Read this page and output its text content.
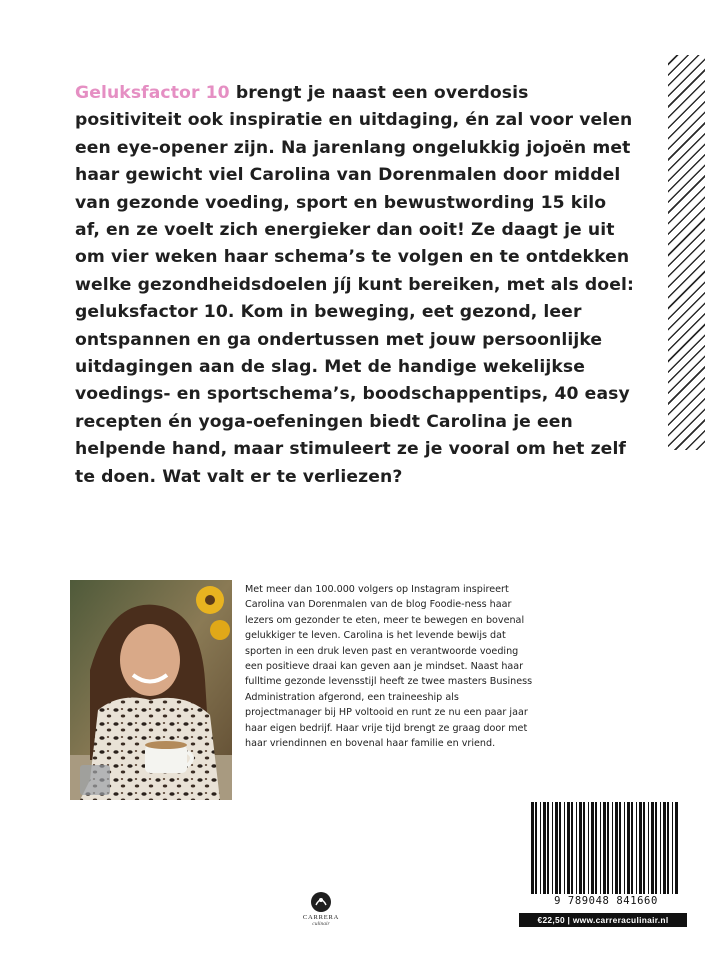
Geluksfactor 10 brengt je naast een overdosis positiviteit ook inspiratie en uitdaging, én zal voor velen een eye-opener zijn. Na jarenlang ongelukkig jojoën met haar gewicht viel Carolina van Dorenmalen door middel van gezonde voeding, sport en bewustwording 15 kilo af, en ze voelt zich energieker dan ooit! Ze daagt je uit om vier weken haar schema’s te volgen en te ontdekken welke gezondheidsdoelen jíj kunt bereiken, met als doel: geluksfactor 10. Kom in beweging, eet gezond, leer ontspannen en ga ondertussen met jouw persoonlijke uitdagingen aan de slag. Met de handige wekelijkse voedings- en sportschema’s, boodschappentips, 40 easy recepten én yoga-oefeningen biedt Carolina je een helpende hand, maar stimuleert ze je vooral om het zelf te doen. Wat valt er te verliezen?

Met meer dan 100.000 volgers op Instagram inspireert Carolina van Dorenmalen van de blog Foodie-ness haar lezers om gezonder te eten, meer te bewegen en bovenal gelukkiger te leven. Carolina is het levende bewijs dat sporten in een druk leven past en verantwoorde voeding een positieve draai kan geven aan je mindset. Naast haar fulltime gezonde levensstijl heeft ze twee masters Business Administration afgerond, een traineeship als projectmanager bij HP voltooid en runt ze nu een paar jaar haar eigen bedrijf. Haar vrije tijd brengt ze graag door met haar vriendinnen en bovenal haar familie en vriend.

9 789048 841660
€22,50 | www.carreraculinair.nl
CARRERA
culinair
